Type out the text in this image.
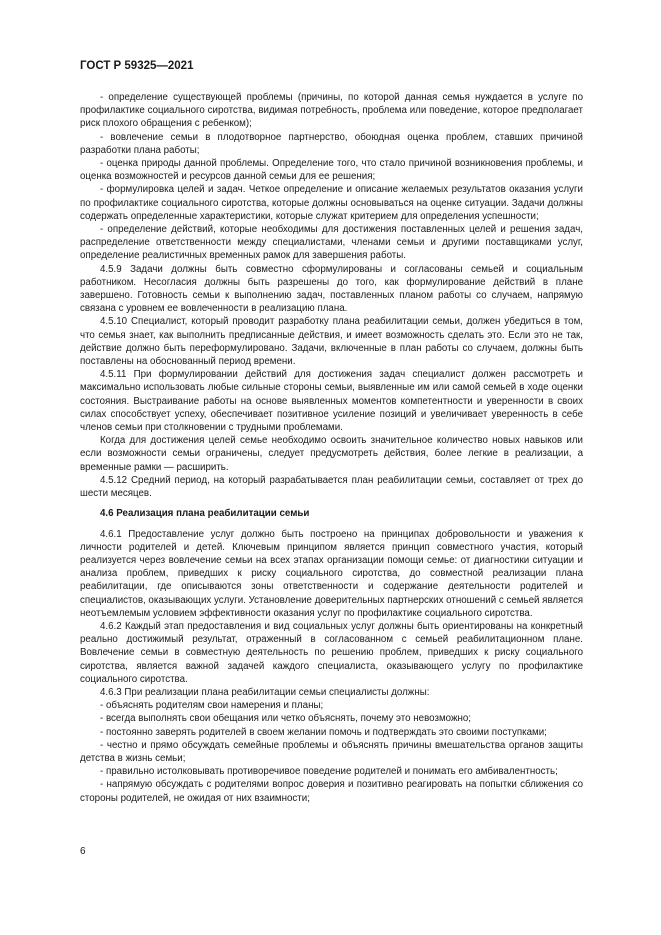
ГОСТ Р 59325—2021

- определение существующей проблемы (причины, по которой данная семья нуждается в услуге по профилактике социального сиротства, видимая потребность, проблема или поведение, которое предполагает риск плохого обращения с ребенком);

- вовлечение семьи в плодотворное партнерство, обоюдная оценка проблем, ставших причиной разработки плана работы;

- оценка природы данной проблемы. Определение того, что стало причиной возникновения проблемы, и оценка возможностей и ресурсов данной семьи для ее решения;

- формулировка целей и задач. Четкое определение и описание желаемых результатов оказания услуги по профилактике социального сиротства, которые должны основываться на оценке ситуации. Задачи должны содержать определенные характеристики, которые служат критерием для определения успешности;

- определение действий, которые необходимы для достижения поставленных целей и решения задач, распределение ответственности между специалистами, членами семьи и другими поставщиками услуг, определение реалистичных временных рамок для завершения работы.

4.5.9 Задачи должны быть совместно сформулированы и согласованы семьей и социальным работником. Несогласия должны быть разрешены до того, как формулирование действий в плане завершено. Готовность семьи к выполнению задач, поставленных планом работы со случаем, напрямую связана с уровнем ее вовлеченности в реализацию плана.

4.5.10 Специалист, который проводит разработку плана реабилитации семьи, должен убедиться в том, что семья знает, как выполнить предписанные действия, и имеет возможность сделать это. Если это не так, действие должно быть переформулировано. Задачи, включенные в план работы со случаем, должны быть поставлены на обоснованный период времени.

4.5.11 При формулировании действий для достижения задач специалист должен рассмотреть и максимально использовать любые сильные стороны семьи, выявленные им или самой семьей в ходе оценки состояния. Выстраивание работы на основе выявленных моментов компетентности и уверенности в своих силах способствует успеху, обеспечивает позитивное усиление позиций и увеличивает уверенность в себе членов семьи при столкновении с трудными проблемами.

Когда для достижения целей семье необходимо освоить значительное количество новых навыков или если возможности семьи ограничены, следует предусмотреть действия, более легкие в реализации, а временные рамки — расширить.

4.5.12 Средний период, на который разрабатывается план реабилитации семьи, составляет от трех до шести месяцев.

4.6 Реализация плана реабилитации семьи

4.6.1 Предоставление услуг должно быть построено на принципах добровольности и уважения к личности родителей и детей. Ключевым принципом является принцип совместного участия, который реализуется через вовлечение семьи на всех этапах организации помощи семье: от диагностики ситуации и анализа проблем, приведших к риску социального сиротства, до совместной реализации плана реабилитации, где описываются зоны ответственности и содержание деятельности родителей и специалистов, оказывающих услуги. Установление доверительных партнерских отношений с семьей является неотъемлемым условием эффективности оказания услуг по профилактике социального сиротства.

4.6.2 Каждый этап предоставления и вид социальных услуг должны быть ориентированы на конкретный реально достижимый результат, отраженный в согласованном с семьей реабилитационном плане. Вовлечение семьи в совместную деятельность по решению проблем, приведших к риску социального сиротства, является важной задачей каждого специалиста, оказывающего услугу по профилактике социального сиротства.

4.6.3 При реализации плана реабилитации семьи специалисты должны:

- объяснять родителям свои намерения и планы;

- всегда выполнять свои обещания или четко объяснять, почему это невозможно;

- постоянно заверять родителей в своем желании помочь и подтверждать это своими поступками;

- честно и прямо обсуждать семейные проблемы и объяснять причины вмешательства органов защиты детства в жизнь семьи;

- правильно истолковывать противоречивое поведение родителей и понимать его амбивалентность;

- напрямую обсуждать с родителями вопрос доверия и позитивно реагировать на попытки сближения со стороны родителей, не ожидая от них взаимности;

6
